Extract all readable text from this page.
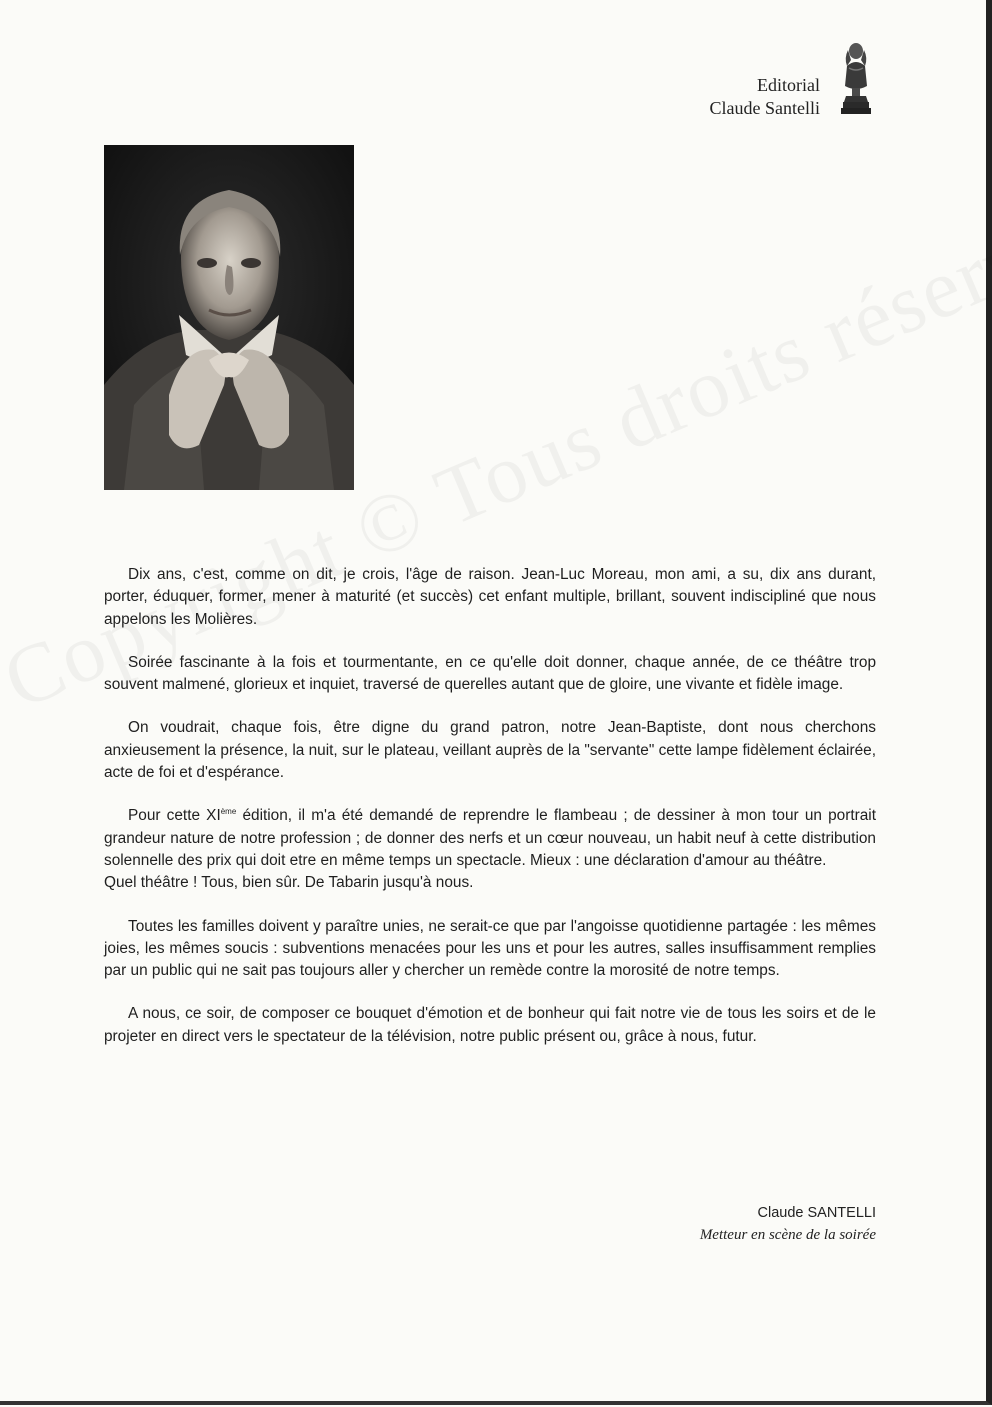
Editorial
Claude Santelli

Dix ans, c'est, comme on dit, je crois, l'âge de raison. Jean-Luc Moreau, mon ami, a su, dix ans durant, porter, éduquer, former, mener à maturité (et succès) cet enfant multiple, brillant, souvent indiscipliné que nous appelons les Molières.

Soirée fascinante à la fois et tourmentante, en ce qu'elle doit donner, chaque année, de ce théâtre trop souvent malmené, glorieux et inquiet, traversé de querelles autant que de gloire, une vivante et fidèle image.

On voudrait, chaque fois, être digne du grand patron, notre Jean-Baptiste, dont nous cherchons anxieusement la présence, la nuit, sur le plateau, veillant auprès de la "servante" cette lampe fidèlement éclairée, acte de foi et d'espérance.

Pour cette XIème édition, il m'a été demandé de reprendre le flambeau ; de dessiner à mon tour un portrait grandeur nature de notre profession ; de donner des nerfs et un cœur nouveau, un habit neuf à cette distribution solennelle des prix qui doit etre en même temps un spectacle. Mieux : une déclaration d'amour au théâtre.
Quel théâtre ! Tous, bien sûr. De Tabarin jusqu'à nous.

Toutes les familles doivent y paraître unies, ne serait-ce que par l'angoisse quotidienne partagée : les mêmes joies, les mêmes soucis : subventions menacées pour les uns et pour les autres, salles insuffisamment remplies par un public qui ne sait pas toujours aller y chercher un remède contre la morosité de notre temps.

A nous, ce soir, de composer ce bouquet d'émotion et de bonheur qui fait notre vie de tous les soirs et de le projeter en direct vers le spectateur de la télévision, notre public présent ou, grâce à nous, futur.

Claude SANTELLI
Metteur en scène de la soirée
